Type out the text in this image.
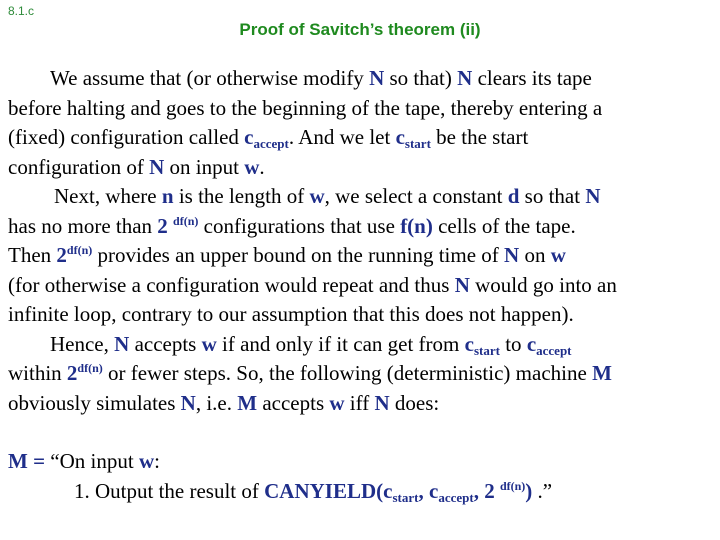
8.1.c
Proof of Savitch’s theorem (ii)
We assume that (or otherwise modify N so that) N clears its tape
before halting and goes to the beginning of the tape, thereby entering a
(fixed) configuration called $c_{accept}$. And we let $c_{start}$ be the start
configuration of N on input w.
Next, where n is the length of w, we select a constant d so that N
has no more than 2 $^{df(n)}$ configurations that use f(n) cells of the tape.
Then $2^{df(n)}$ provides an upper bound on the running time of N on w
(for otherwise a configuration would repeat and thus N would go into an
infinite loop, contrary to our assumption that this does not happen).
Hence, N accepts w if and only if it can get from $c_{start}$ to $c_{accept}$
within $2^{df(n)}$ or fewer steps. So, the following (deterministic) machine M
obviously simulates N, i.e. M accepts w iff N does:
M = “On input w:
1. Output the result of $CANYIELD(c_{start}$, $c_{accept}$, 2 $^{df(n)}$) .”
